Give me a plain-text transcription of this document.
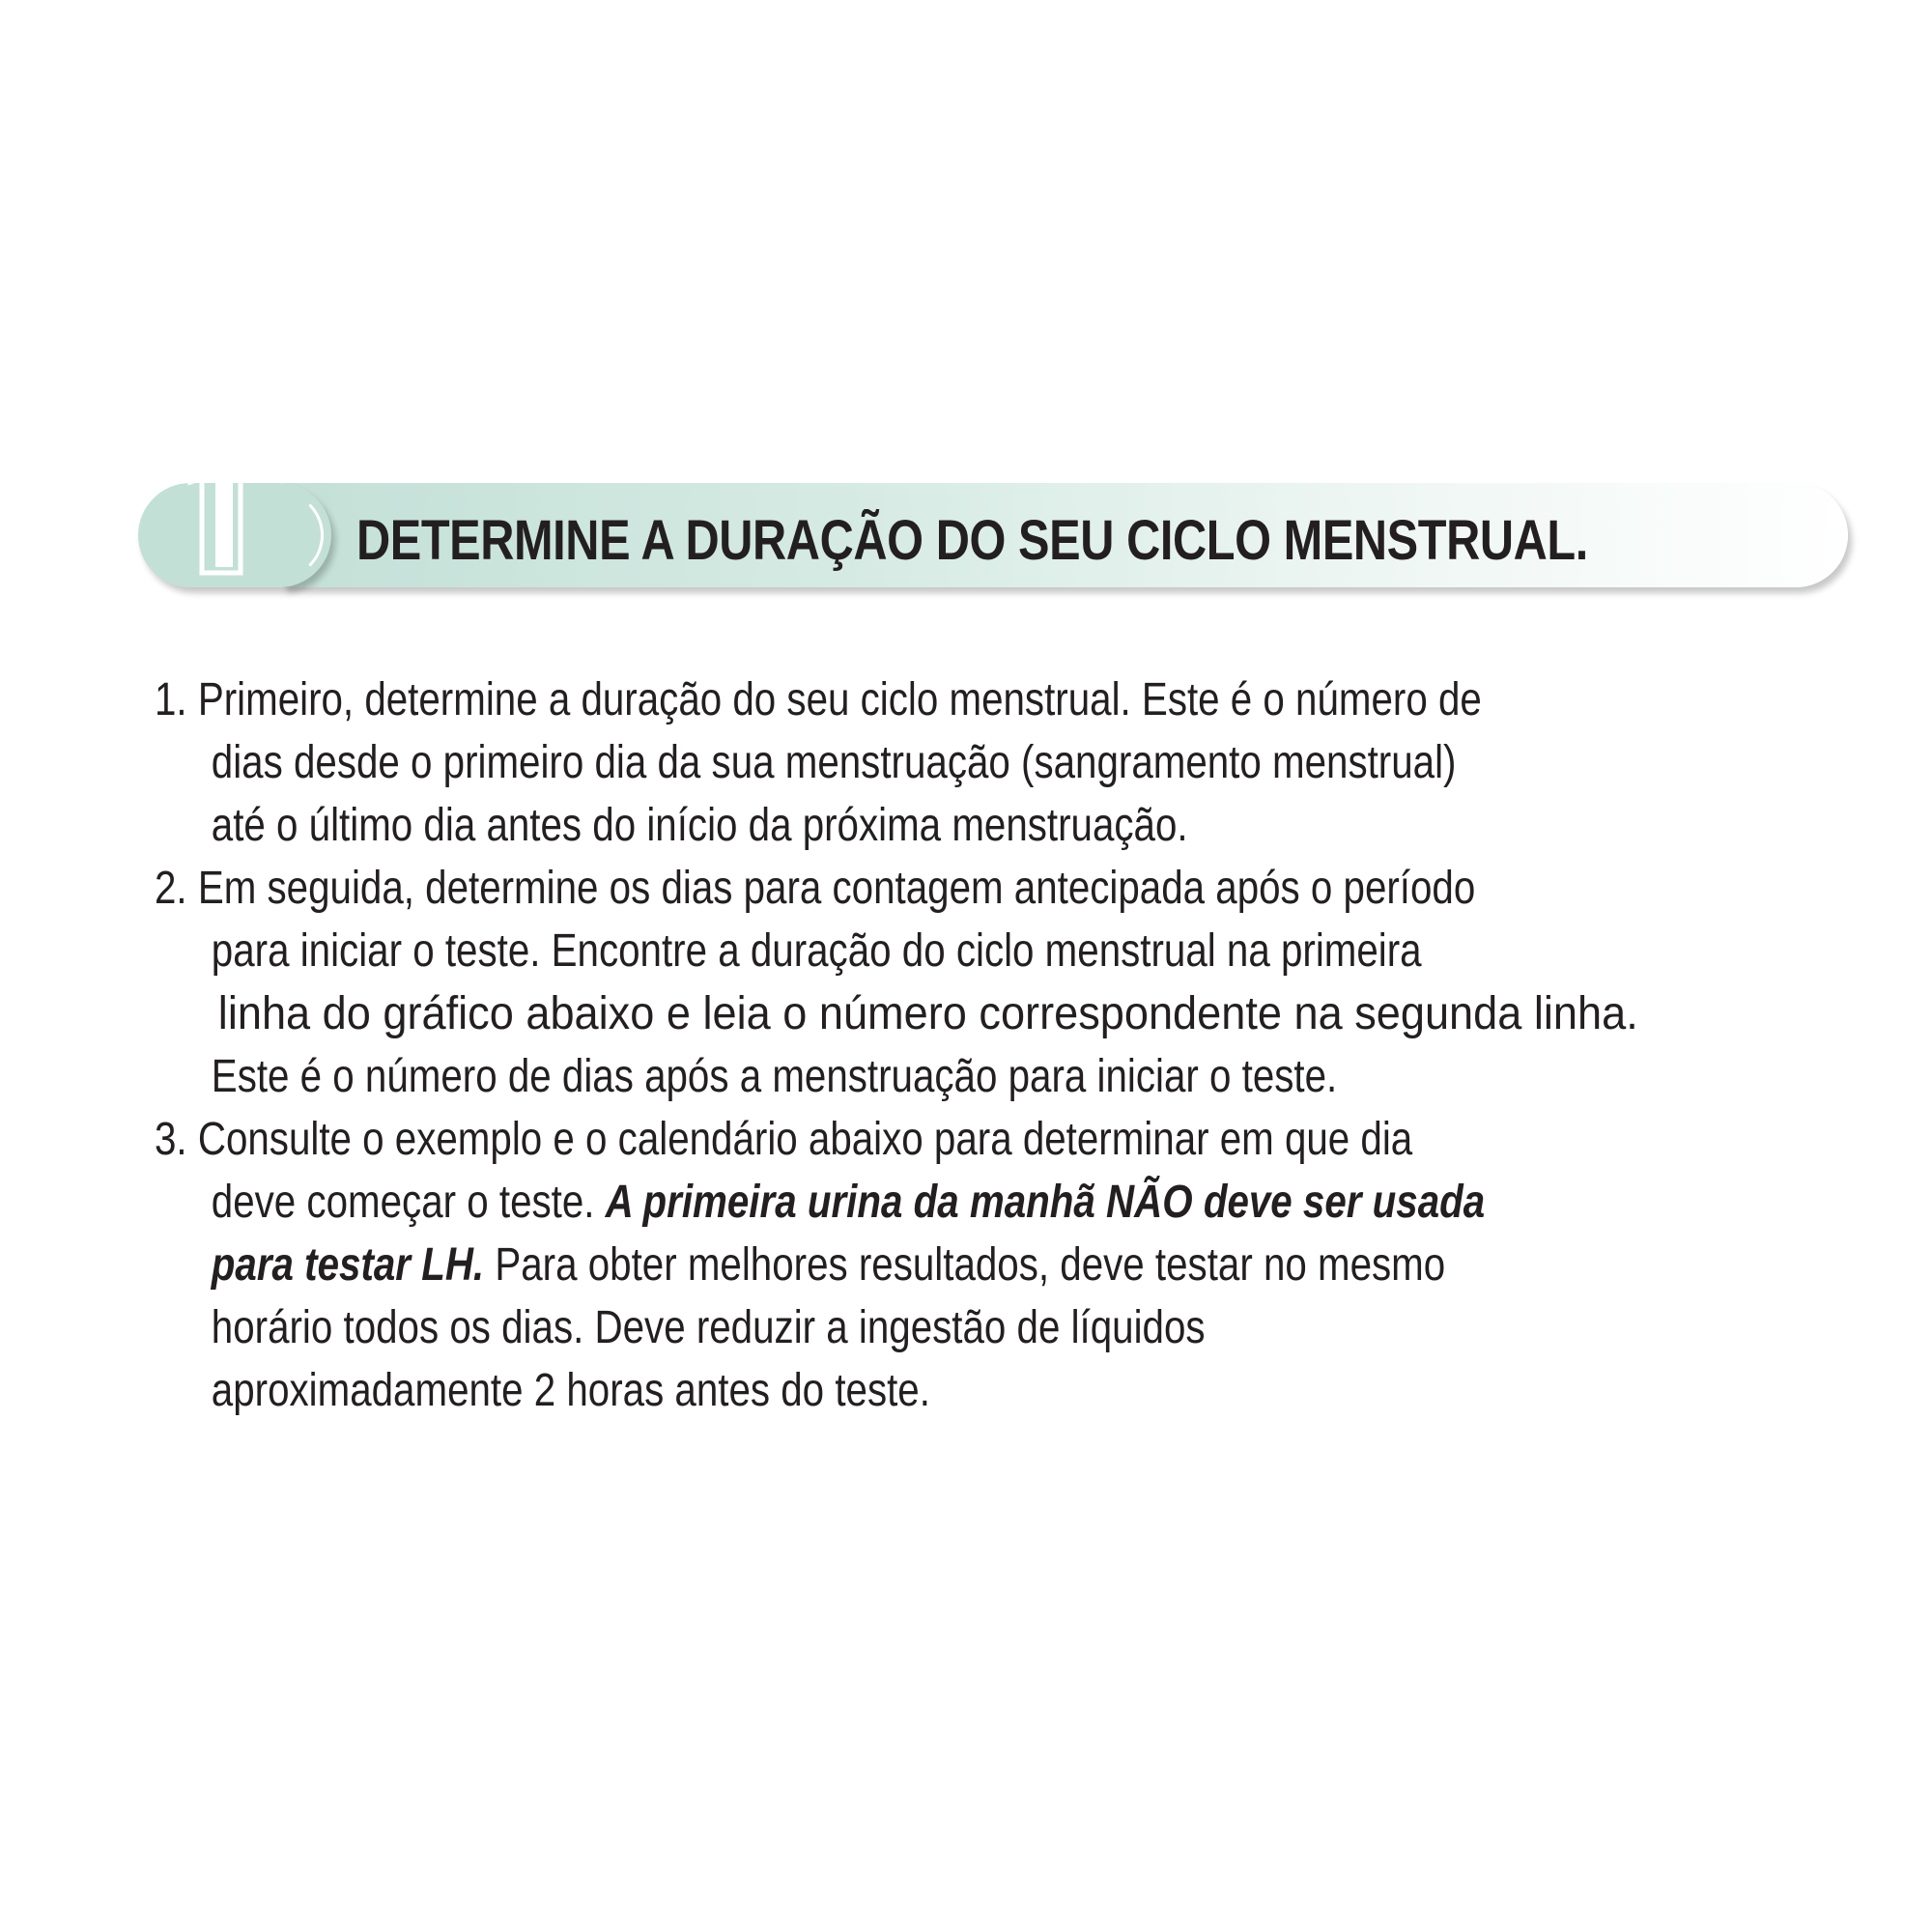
1
DETERMINE A DURAÇÃO DO SEU CICLO MENSTRUAL.
1. Primeiro, determine a duração do seu ciclo menstrual. Este é o número de
dias desde o primeiro dia da sua menstruação (sangramento menstrual)
até o último dia antes do início da próxima menstruação.
2. Em seguida, determine os dias para contagem antecipada após o período
para iniciar o teste. Encontre a duração do ciclo menstrual na primeira
linha do gráfico abaixo e leia o número correspondente na segunda linha.
Este é o número de dias após a menstruação para iniciar o teste.
3. Consulte o exemplo e o calendário abaixo para determinar em que dia
deve começar o teste. A primeira urina da manhã NÃO deve ser usada
para testar LH. Para obter melhores resultados, deve testar no mesmo
horário todos os dias. Deve reduzir a ingestão de líquidos
aproximadamente 2 horas antes do teste.
